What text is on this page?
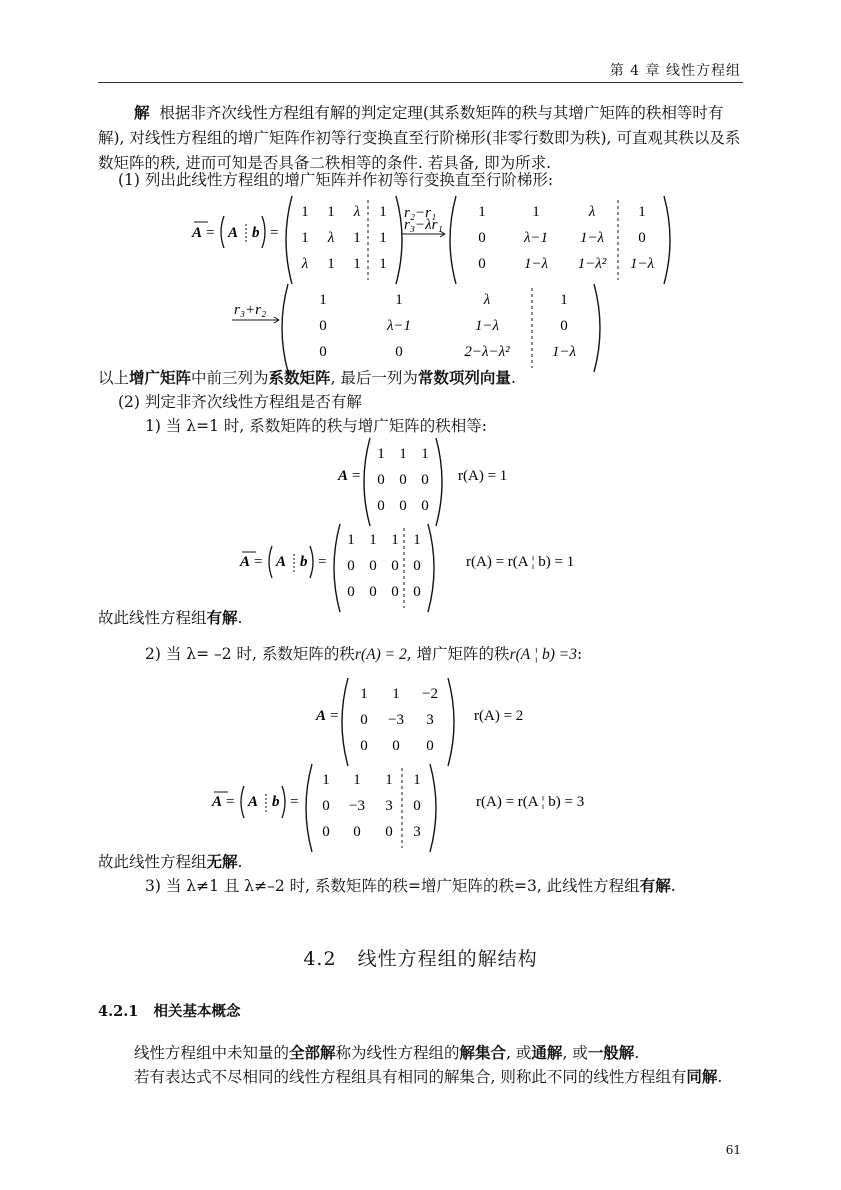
第 4 章 线性方程组
解 根据非齐次线性方程组有解的判定定理(其系数矩阵的秩与其增广矩阵的秩相等时有解), 对线性方程组的增广矩阵作初等行变换直至行阶梯形(非零行数即为秩), 可直观其秩以及系数矩阵的秩, 进而可知是否具备二秩相等的条件. 若具备, 即为所求.
(1) 列出此线性方程组的增广矩阵并作初等行变换直至行阶梯形:
A = A b =
1 1 λ 1
1 λ 1 1
λ 1 1 1
r₂−r₁
r₃−λr₁
1	1	λ	1
0	λ−1 1−λ 0
0	1−λ 1−λ² 1−λ
r₃+r₂
1	1	λ	1
0	λ−1	1−λ	0
0	0	2−λ−λ²	1−λ
以上增广矩阵中前三列为系数矩阵, 最后一列为常数项列向量.
(2) 判定非齐次线性方程组是否有解
1) 当 λ=1 时, 系数矩阵的秩与增广矩阵的秩相等:
A =
1 1 1
0 0 0
0 0 0
r(A) = 1
A = A b =
1 1 1 1
0 0 0 0
0 0 0 0
r(A) = r(A ¦ b) = 1
故此线性方程组有解.
2) 当 λ= –2 时, 系数矩阵的秩r(A) = 2, 增广矩阵的秩r(A ¦ b) =3:
A =
1 1 −2
0 −3 3
0 0 0
r(A) = 2
A = A b =
1 1 1 1
0 −3 3 0
0 0 0 3
r(A) = r(A ¦ b) = 3
故此线性方程组无解.
3) 当 λ≠1 且 λ≠–2 时, 系数矩阵的秩=增广矩阵的秩=3, 此线性方程组有解.
4.2 线性方程组的解结构
4.2.1 相关基本概念
线性方程组中未知量的全部解称为线性方程组的解集合, 或通解, 或一般解.
若有表达式不尽相同的线性方程组具有相同的解集合, 则称此不同的线性方程组有同解.
61
